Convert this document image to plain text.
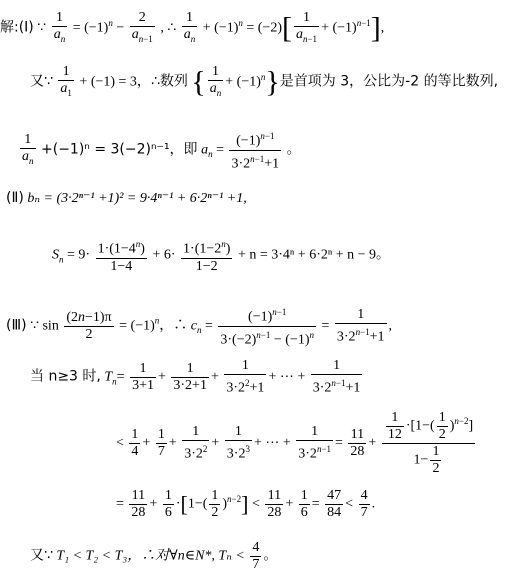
解:(Ⅰ) ∵ $\frac{1}{a_n} = (-1)^n - \frac{2}{a_{n-1}}$ , ∴ $\frac{1}{a_n} + (-1)^n = (-2)[ \frac{1}{a_{n-1}} + (-1)^{n-1}]$,
又∵ $\frac{1}{a_1} + (-1) = 3$，∴数列 { $\frac{1}{a_n} + (-1)^n$}是首项为 3，公比为-2 的等比数列,
$\frac{1}{a_n} +(-1)^n = 3(-2)^{n-1}$，即 $a_n = \frac{(-1)^{n-1}}{3\cdot 2^{n-1}+1}$ 。
(Ⅱ) bₙ = (3·2ⁿ⁻¹ +1)² = 9·4ⁿ⁻¹ + 6·2ⁿ⁻¹ +1,
$S_n = 9\cdot \frac{1\cdot(1-4^n)}{1-4} + 6\cdot \frac{1\cdot(1-2^n)}{1-2} + n = 3\cdot 4^n + 6\cdot 2^n + n - 9$。
(Ⅲ) ∵ $\sin \frac{(2n-1)\pi}{2} = (-1)^n$，∴ $c_n = \frac{(-1)^{n-1}}{3\cdot(-2)^{n-1} - (-1)^n} = \frac{1}{3\cdot 2^{n-1}+1}$ ,
当 n≥3 时, $T_n= \frac{1}{3+1} + \frac{1}{3\cdot 2+1} + \frac{1}{3\cdot 2^2+1}$ + ⋯ + $\frac{1}{3\cdot 2^{n-1}+1}$
< $\frac{1}{4} + \frac{1}{7} + \frac{1}{3\cdot 2^2} + \frac{1}{3\cdot 2^3}$ + ⋯ + $\frac{1}{3\cdot 2^{n-1}} = \frac{11}{28} + \frac{\frac{1}{12} \cdot[1-( \frac{1}{2} )^{n-2}]}{1- \frac{1}{2}}$
= $\frac{11}{28} + \frac{1}{6} \cdot[1-( \frac{1}{2} )^{n-2}] < \frac{11}{28} + \frac{1}{6} = \frac{47}{84} < \frac{4}{7}$ .
又∵ T₁ < T₂ < T₃，∴对∀n∈N*, $T_n < \frac{4}{7}$ 。
